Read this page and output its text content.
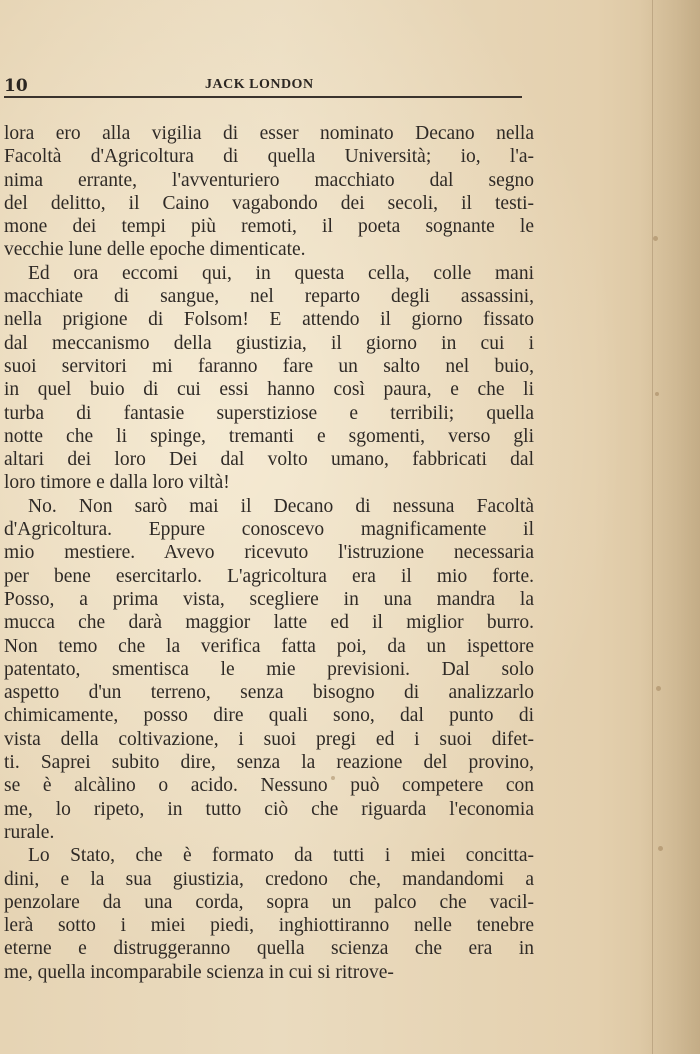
10	JACK LONDON
lora ero alla vigilia di esser nominato Decano nella
Facoltà d'Agricoltura di quella Università; io, l'a-
nima errante, l'avventuriero macchiato dal segno
del delitto, il Caino vagabondo dei secoli, il testi-
mone dei tempi più remoti, il poeta sognante le
vecchie lune delle epoche dimenticate.
Ed ora eccomi qui, in questa cella, colle mani
macchiate di sangue, nel reparto degli assassini,
nella prigione di Folsom! E attendo il giorno fissato
dal meccanismo della giustizia, il giorno in cui i
suoi servitori mi faranno fare un salto nel buio,
in quel buio di cui essi hanno così paura, e che li
turba di fantasie superstiziose e terribili; quella
notte che li spinge, tremanti e sgomenti, verso gli
altari dei loro Dei dal volto umano, fabbricati dal
loro timore e dalla loro viltà!
No. Non sarò mai il Decano di nessuna Facoltà
d'Agricoltura. Eppure conoscevo magnificamente il
mio mestiere. Avevo ricevuto l'istruzione necessaria
per bene esercitarlo. L'agricoltura era il mio forte.
Posso, a prima vista, scegliere in una mandra la
mucca che darà maggior latte ed il miglior burro.
Non temo che la verifica fatta poi, da un ispettore
patentato, smentisca le mie previsioni. Dal solo
aspetto d'un terreno, senza bisogno di analizzarlo
chimicamente, posso dire quali sono, dal punto di
vista della coltivazione, i suoi pregi ed i suoi difet-
ti. Saprei subito dire, senza la reazione del provino,
se è alcàlino o acido. Nessuno può competere con
me, lo ripeto, in tutto ciò che riguarda l'economia
rurale.
Lo Stato, che è formato da tutti i miei concitta-
dini, e la sua giustizia, credono che, mandandomi a
penzolare da una corda, sopra un palco che vacil-
lerà sotto i miei piedi, inghiottiranno nelle tenebre
eterne e distruggeranno quella scienza che era in
me, quella incomparabile scienza in cui si ritrove-
